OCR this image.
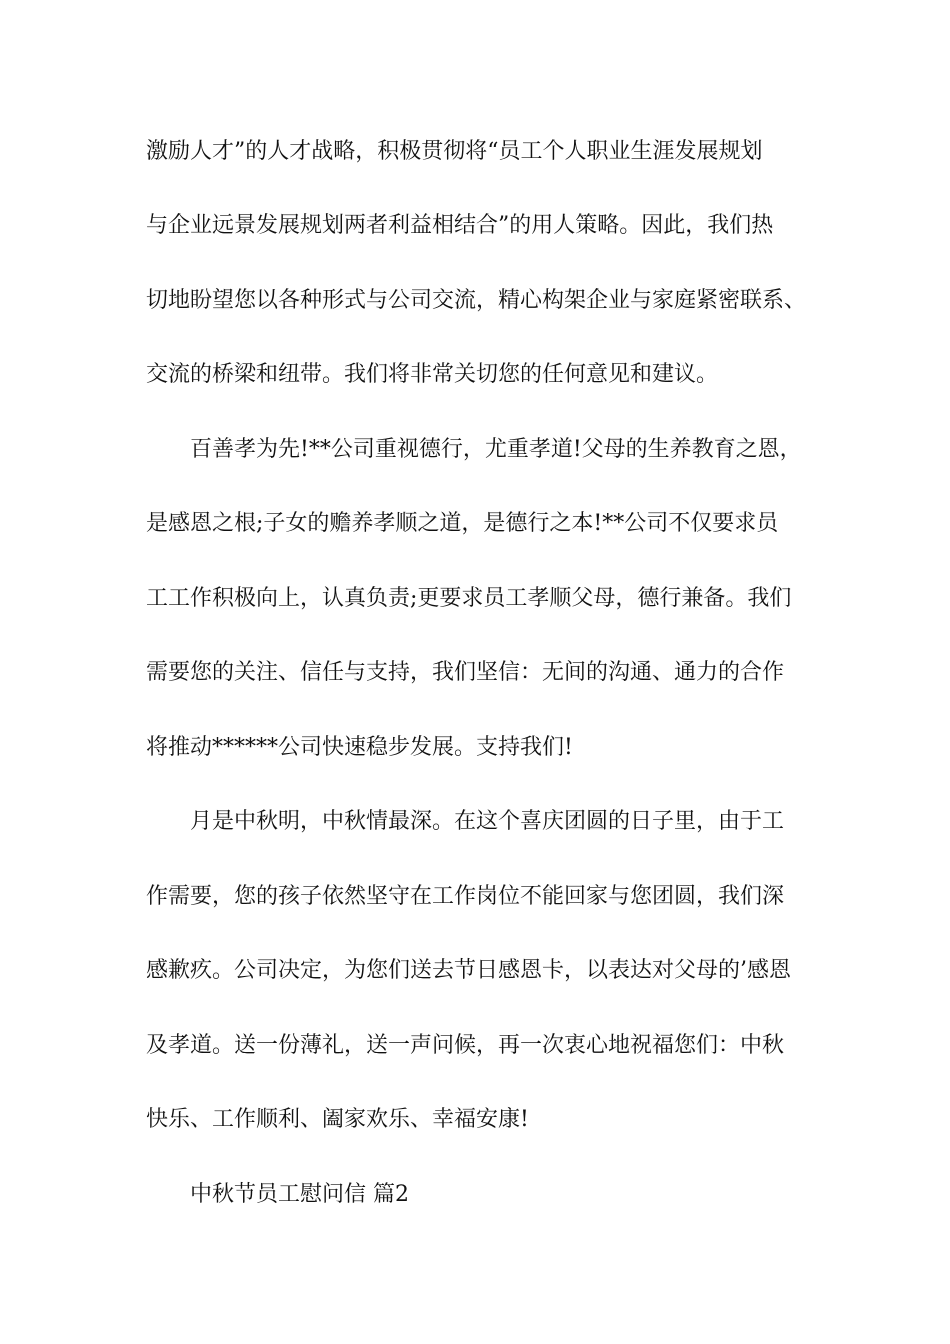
激励人才”的人才战略，积极贯彻将“员工个人职业生涯发展规划
与企业远景发展规划两者利益相结合”的用人策略。因此，我们热
切地盼望您以各种形式与公司交流，精心构架企业与家庭紧密联系、
交流的桥梁和纽带。我们将非常关切您的任何意见和建议。
百善孝为先!**公司重视德行，尤重孝道!父母的生养教育之恩，
是感恩之根;子女的赡养孝顺之道，是德行之本!**公司不仅要求员
工工作积极向上，认真负责;更要求员工孝顺父母，德行兼备。我们
需要您的关注、信任与支持，我们坚信：无间的沟通、通力的合作
将推动******公司快速稳步发展。支持我们!
月是中秋明，中秋情最深。在这个喜庆团圆的日子里，由于工
作需要，您的孩子依然坚守在工作岗位不能回家与您团圆，我们深
感歉疚。公司决定，为您们送去节日感恩卡，以表达对父母的’感恩
及孝道。送一份薄礼，送一声问候，再一次衷心地祝福您们：中秋
快乐、工作顺利、阖家欢乐、幸福安康!
中秋节员工慰问信 篇2
